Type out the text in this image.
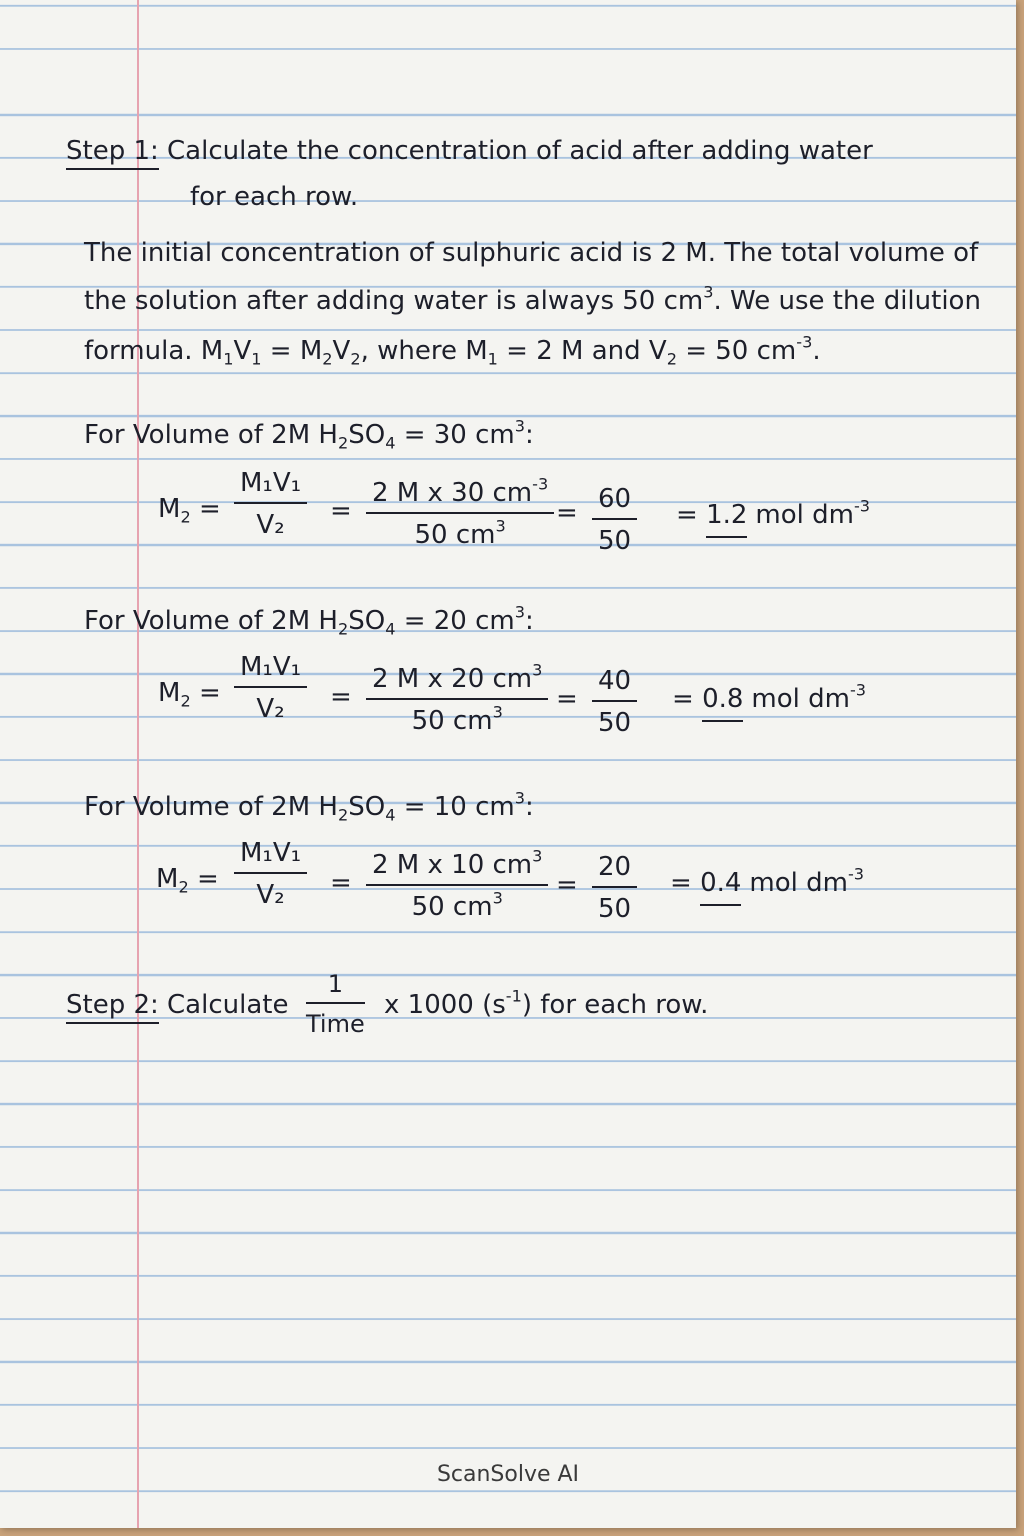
Step 1: Calculate the concentration of acid after adding water
for each row.
The initial concentration of sulphuric acid is 2 M. The total volume of
the solution after adding water is always 50 $cm^3$. We use the dilution
formula. $M_1V_1 = M_2V_2$, where $M_1 = 2$ M and $V_2 = 50$ $cm^{-3}$.
For Volume of 2M $H_2SO_4 = 30$ $cm^3$:
$M_2$ =
M₁V₁
V₂ =
2 M x 30 $cm^{-3}$
50 $cm^3 = 60$
50
= 1.2 mol $dm^{-3}$
For Volume of 2M $H_2SO_4 = 20$ $cm^3$:
$M_2$ =
M₁V₁
V₂ =
2 M x 20 $cm^3$
50 $cm^3$ =
40
50
= 0.8 mol $dm^{-3}$
For Volume of 2M $H_2SO_4 = 10$ $cm^3$:
$M_2$ =
M₁V₁
V₂ =
2 M x 10 $cm^3$
50 $cm^3$ =
20
50
= 0.4 mol $dm^{-3}$
Step 2: Calculate
1
Time
x 1000 $(s^{-1})$ for each row.
ScanSolve AI
